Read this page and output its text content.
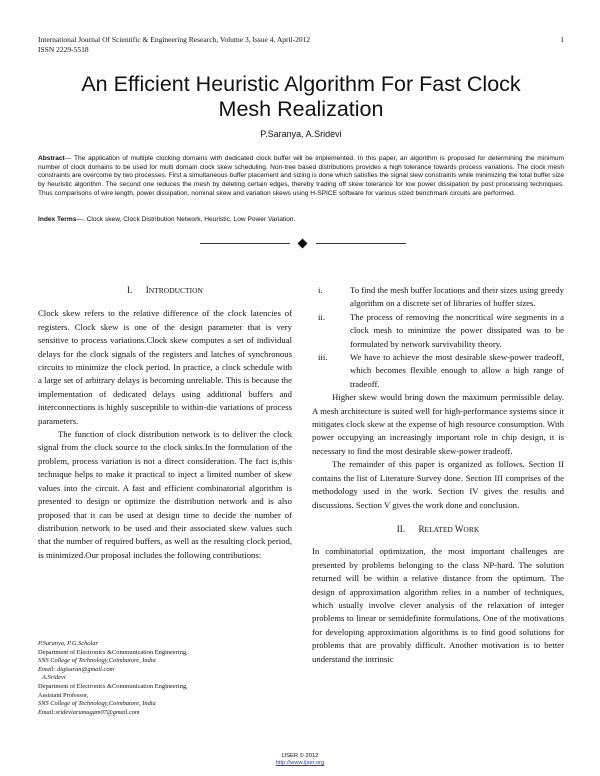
International Journal Of Scientific & Engineering Research, Volume 3, Issue 4, April-2012
ISSN 2229-5518
1
An Efficient Heuristic Algorithm For Fast Clock
Mesh Realization
P.Saranya, A.Sridevi
Abstract— The application of multiple clocking domains with dedicated clock buffer will be implemented. In this paper, an algorithm is proposed for determining the minimum number of clock domains to be used for multi domain clock skew scheduling. Non-tree based distributions provides a high tolerance towards process variations. The clock mesh constraints are overcome by two processes. First a simultaneous buffer placement and sizing is done which satisfies the signal slew constraints while minimizing the total buffer size by heuristic algorithm. The second one reduces the mesh by deleting certain edges, thereby trading off skew tolerance for low power dissipation by post processing techniques. Thus comparisons of wire length, power dissipation, nominal skew and variation skews using H-SPICE software for various sized benchmark circuits are performed.
Index Terms—. Clock skew, Clock Distribution Network, Heuristic, Low Power Variation.

I. INTRODUCTION

Clock skew refers to the relative difference of the clock latencies of registers. Clock skew is one of the design parameter that is very sensitive to process variations.Clock skew computes a set of individual delays for the clock signals of the registers and latches of synchronous circuits to minimize the clock period. In practice, a clock schedule with a large set of arbitrary delays is becoming unreliable. This is because the implementation of dedicated delays using additional buffers and interconnections is highly susceptible to within-die variations of process parameters.

The function of clock distribution network is to deliver the clock signal from the clock source to the clock sinks.In the formulation of the problem, process variation is not a direct consideration. The fact is,this technique helps to make it practical to inject a limited number of skew values into the circuit. A fast and efficient combinatorial algorithm is presented to design or optimize the distribution network and is also proposed that it can be used at design time to decide the number of distribution network to be used and their associated skew values such that the number of required buffers, as well as the resulting clock period, is minimized.Our proposal includes the following contributions:

P.Saranya, P.G.Scholar
Department of Electronics &Communication Engineering,
SNS College of Technology,Coimbatore, India
Email: digisaran@gmail.com
A.Sridevi
Department of Electronics &Communication Engineering,
Assistant Professor,
SNS College of Technology,Coimbatore, India
Email:srideviarumugam07@gmail.com
i.	To find the mesh buffer locations and their sizes using greedy algorithm on a discrete set of libraries of buffer sizes.
ii.	The process of removing the noncritical wire segments in a clock mesh to minimize the power dissipated was to be formulated by network survivability theory.
iii.	We have to achieve the most desirable skew-power tradeoff, which becomes flexible enough to allow a high range of tradeoff.

Higher skew would bring down the maximum permissible delay. A mesh architecture is suited well for high-performance systems since it mitigates clock skew at the expense of high resource consumption. With power occupying an increasingly important role in chip design, it is necessary to find the most desirable skew-power tradeoff.

The remainder of this paper is organized as follows. Section II contains the list of Literature Survey done. Section III comprises of the methodology used in the work. Section IV gives the results and discussions. Section V gives the work done and conclusion.

II. RELATED WORK

In combinatorial optimization, the most important challenges are presented by problems belonging to the class NP-hard. The solution returned will be within a relative distance from the optimum. The design of approximation algorithm relies in a number of techniques, which usually involve clever analysis of the relaxation of integer problems to linear or semidefinite formulations. One of the motivations for developing approximation algorithms is to find good solutions for problems that are provably difficult. Another motivation is to better understand the intrinsic

IJSER © 2012
http://www.ijser.org
